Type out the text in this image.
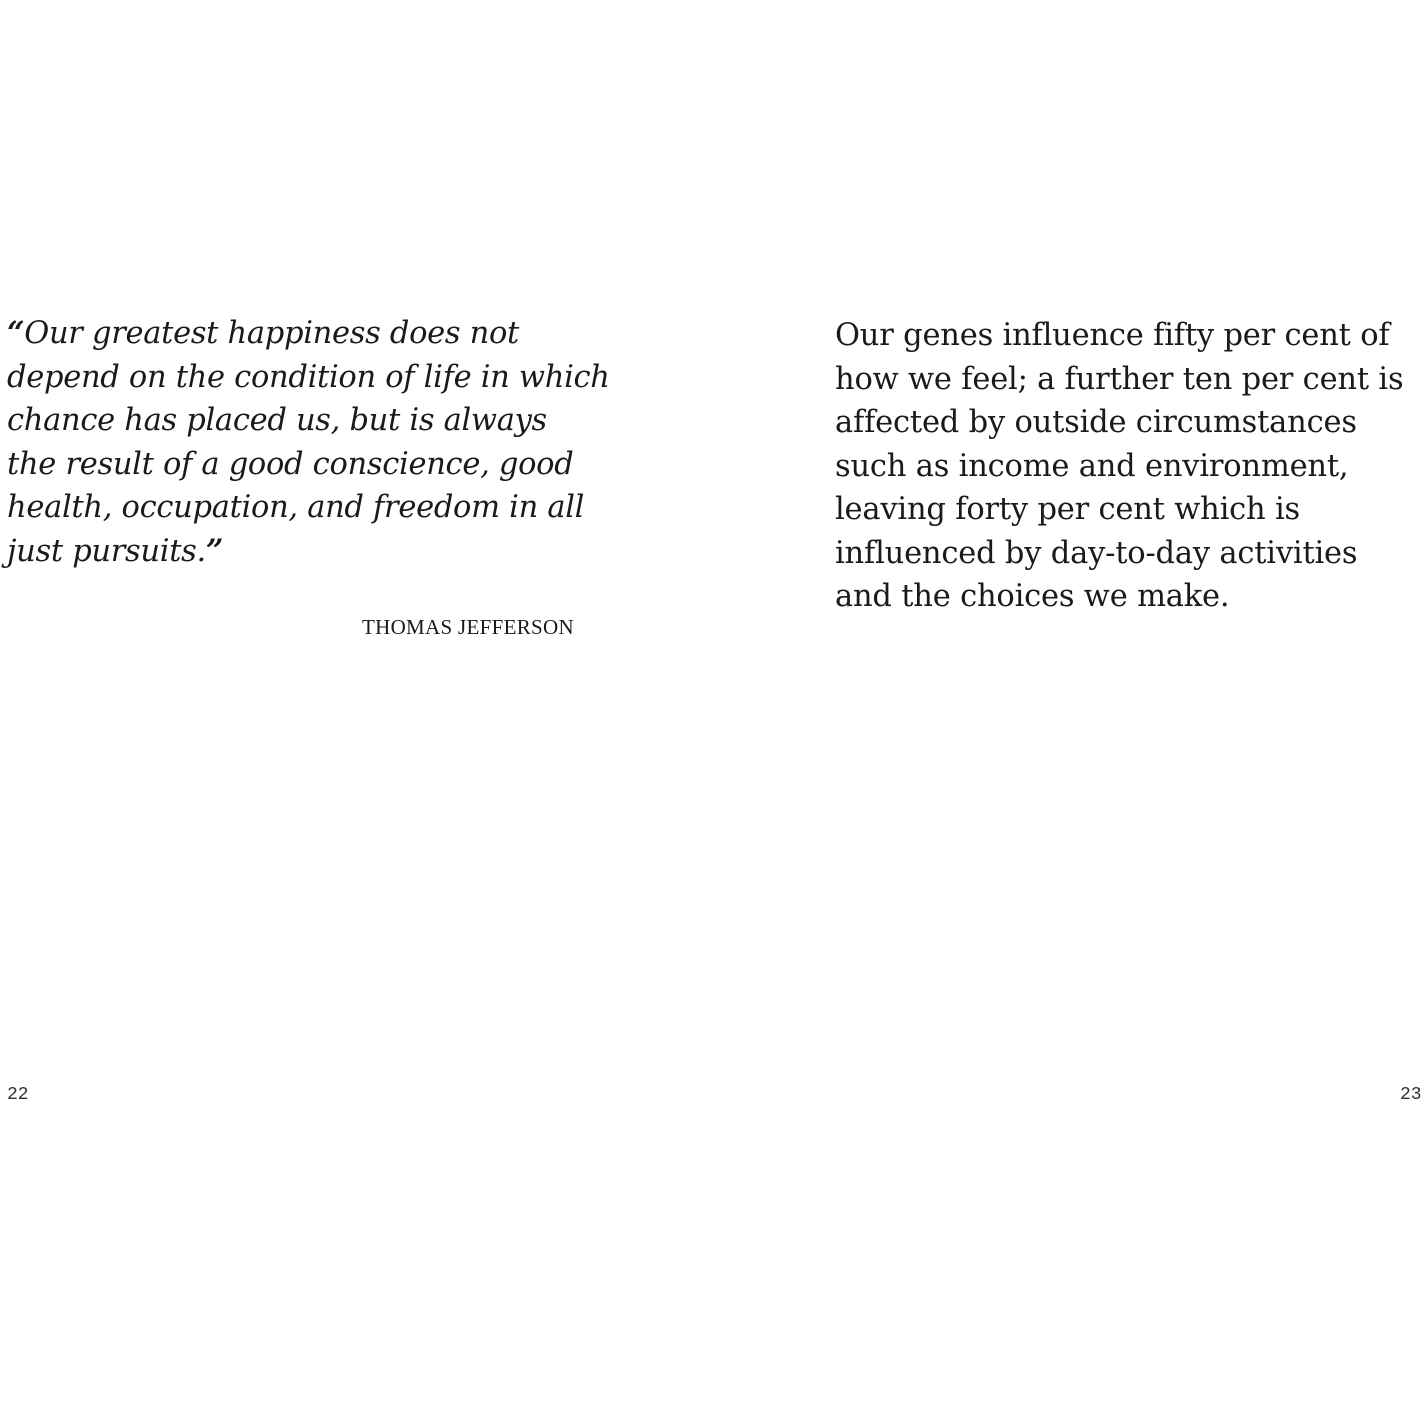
“Our greatest happiness does not
depend on the condition of life in which
chance has placed us, but is always
the result of a good conscience, good
health, occupation, and freedom in all
just pursuits.”
THOMAS JEFFERSON
22
Our genes influence fifty per cent of
how we feel; a further ten per cent is
affected by outside circumstances
such as income and environment,
leaving forty per cent which is
influenced by day-to-day activities
and the choices we make.
23
